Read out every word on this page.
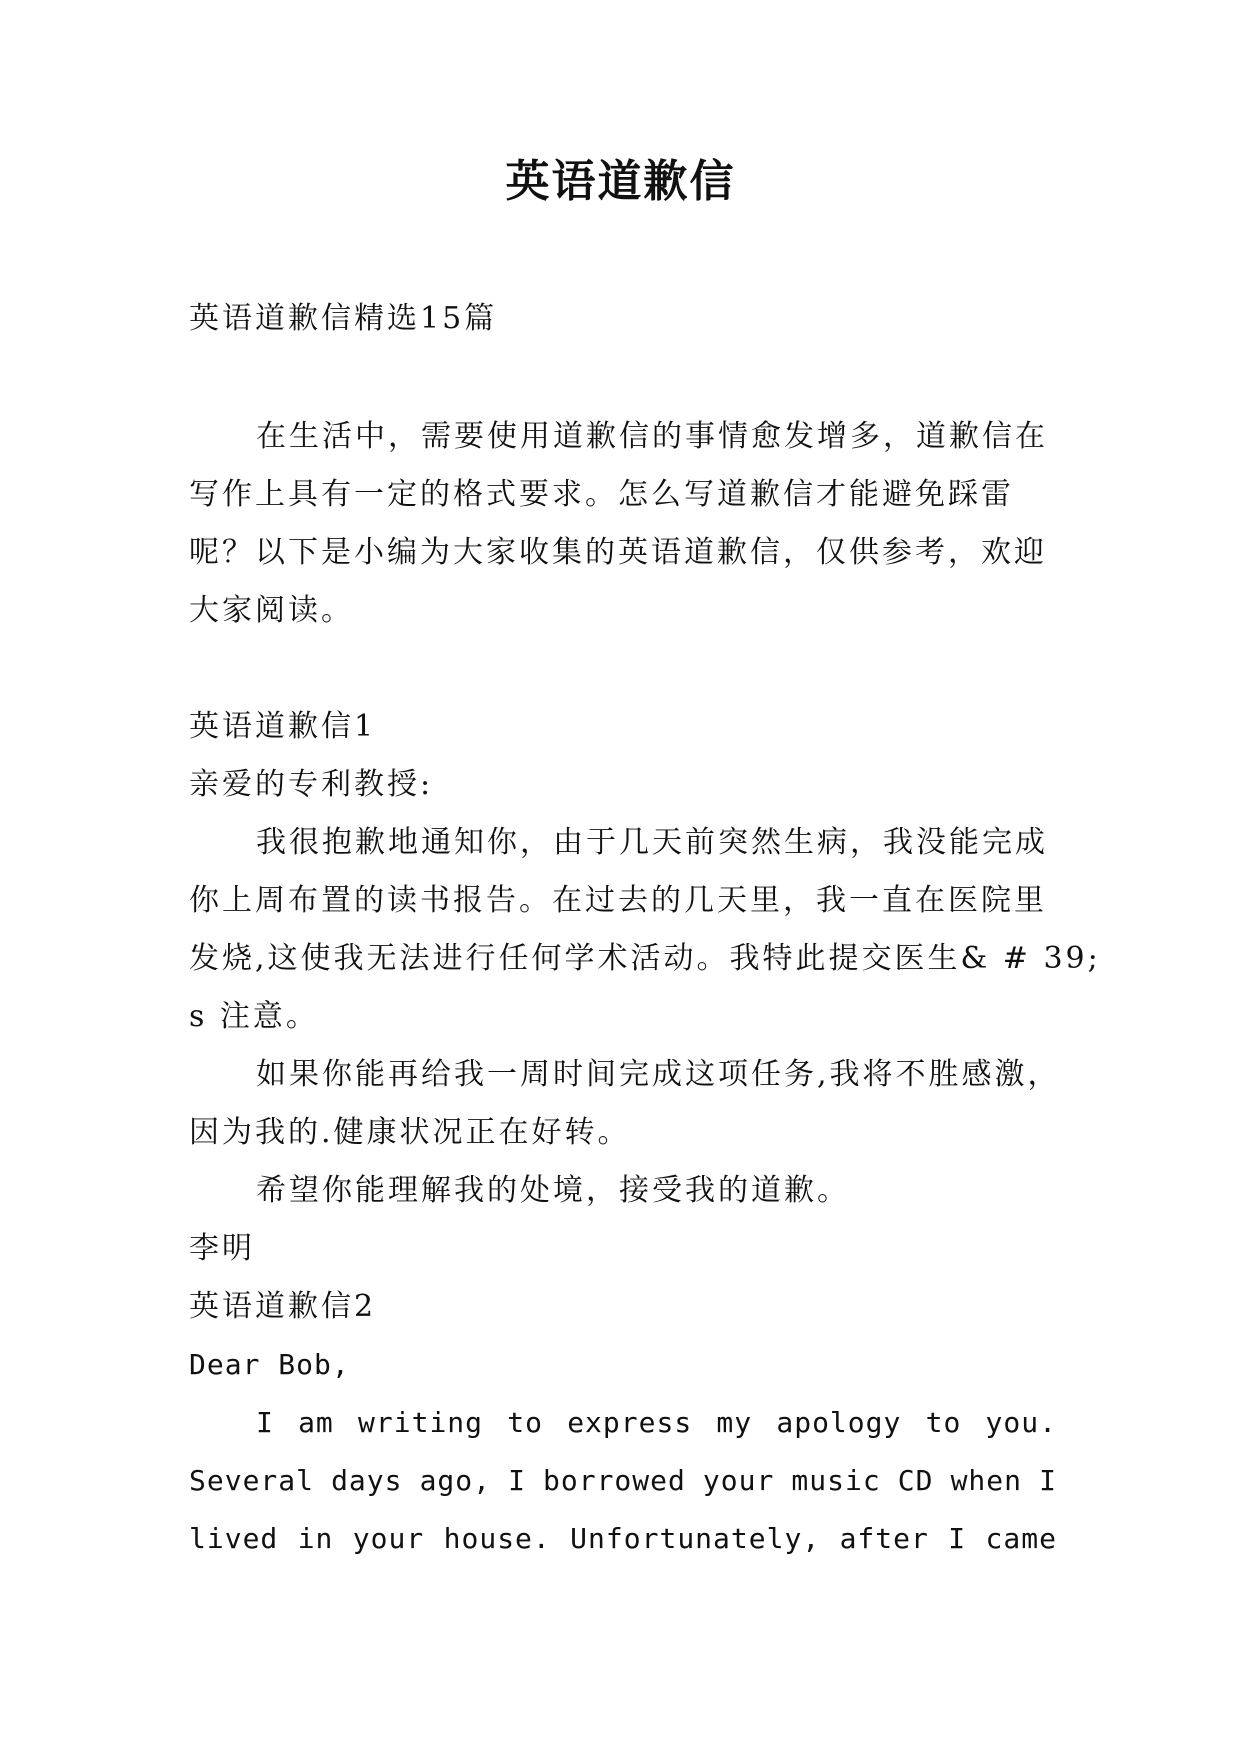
英语道歉信
英语道歉信精选15篇
在生活中，需要使用道歉信的事情愈发增多，道歉信在
写作上具有一定的格式要求。怎么写道歉信才能避免踩雷
呢？以下是小编为大家收集的英语道歉信，仅供参考，欢迎
大家阅读。
英语道歉信1
亲爱的专利教授:
我很抱歉地通知你，由于几天前突然生病，我没能完成
你上周布置的读书报告。在过去的几天里，我一直在医院里
发烧,这使我无法进行任何学术活动。我特此提交医生& # 39;
s 注意。
如果你能再给我一周时间完成这项任务,我将不胜感激，
因为我的.健康状况正在好转。
希望你能理解我的处境，接受我的道歉。
李明
英语道歉信2
Dear Bob,
I am writing to express my apology to you.
Several days ago, I borrowed your music CD when I
lived in your house. Unfortunately, after I came
